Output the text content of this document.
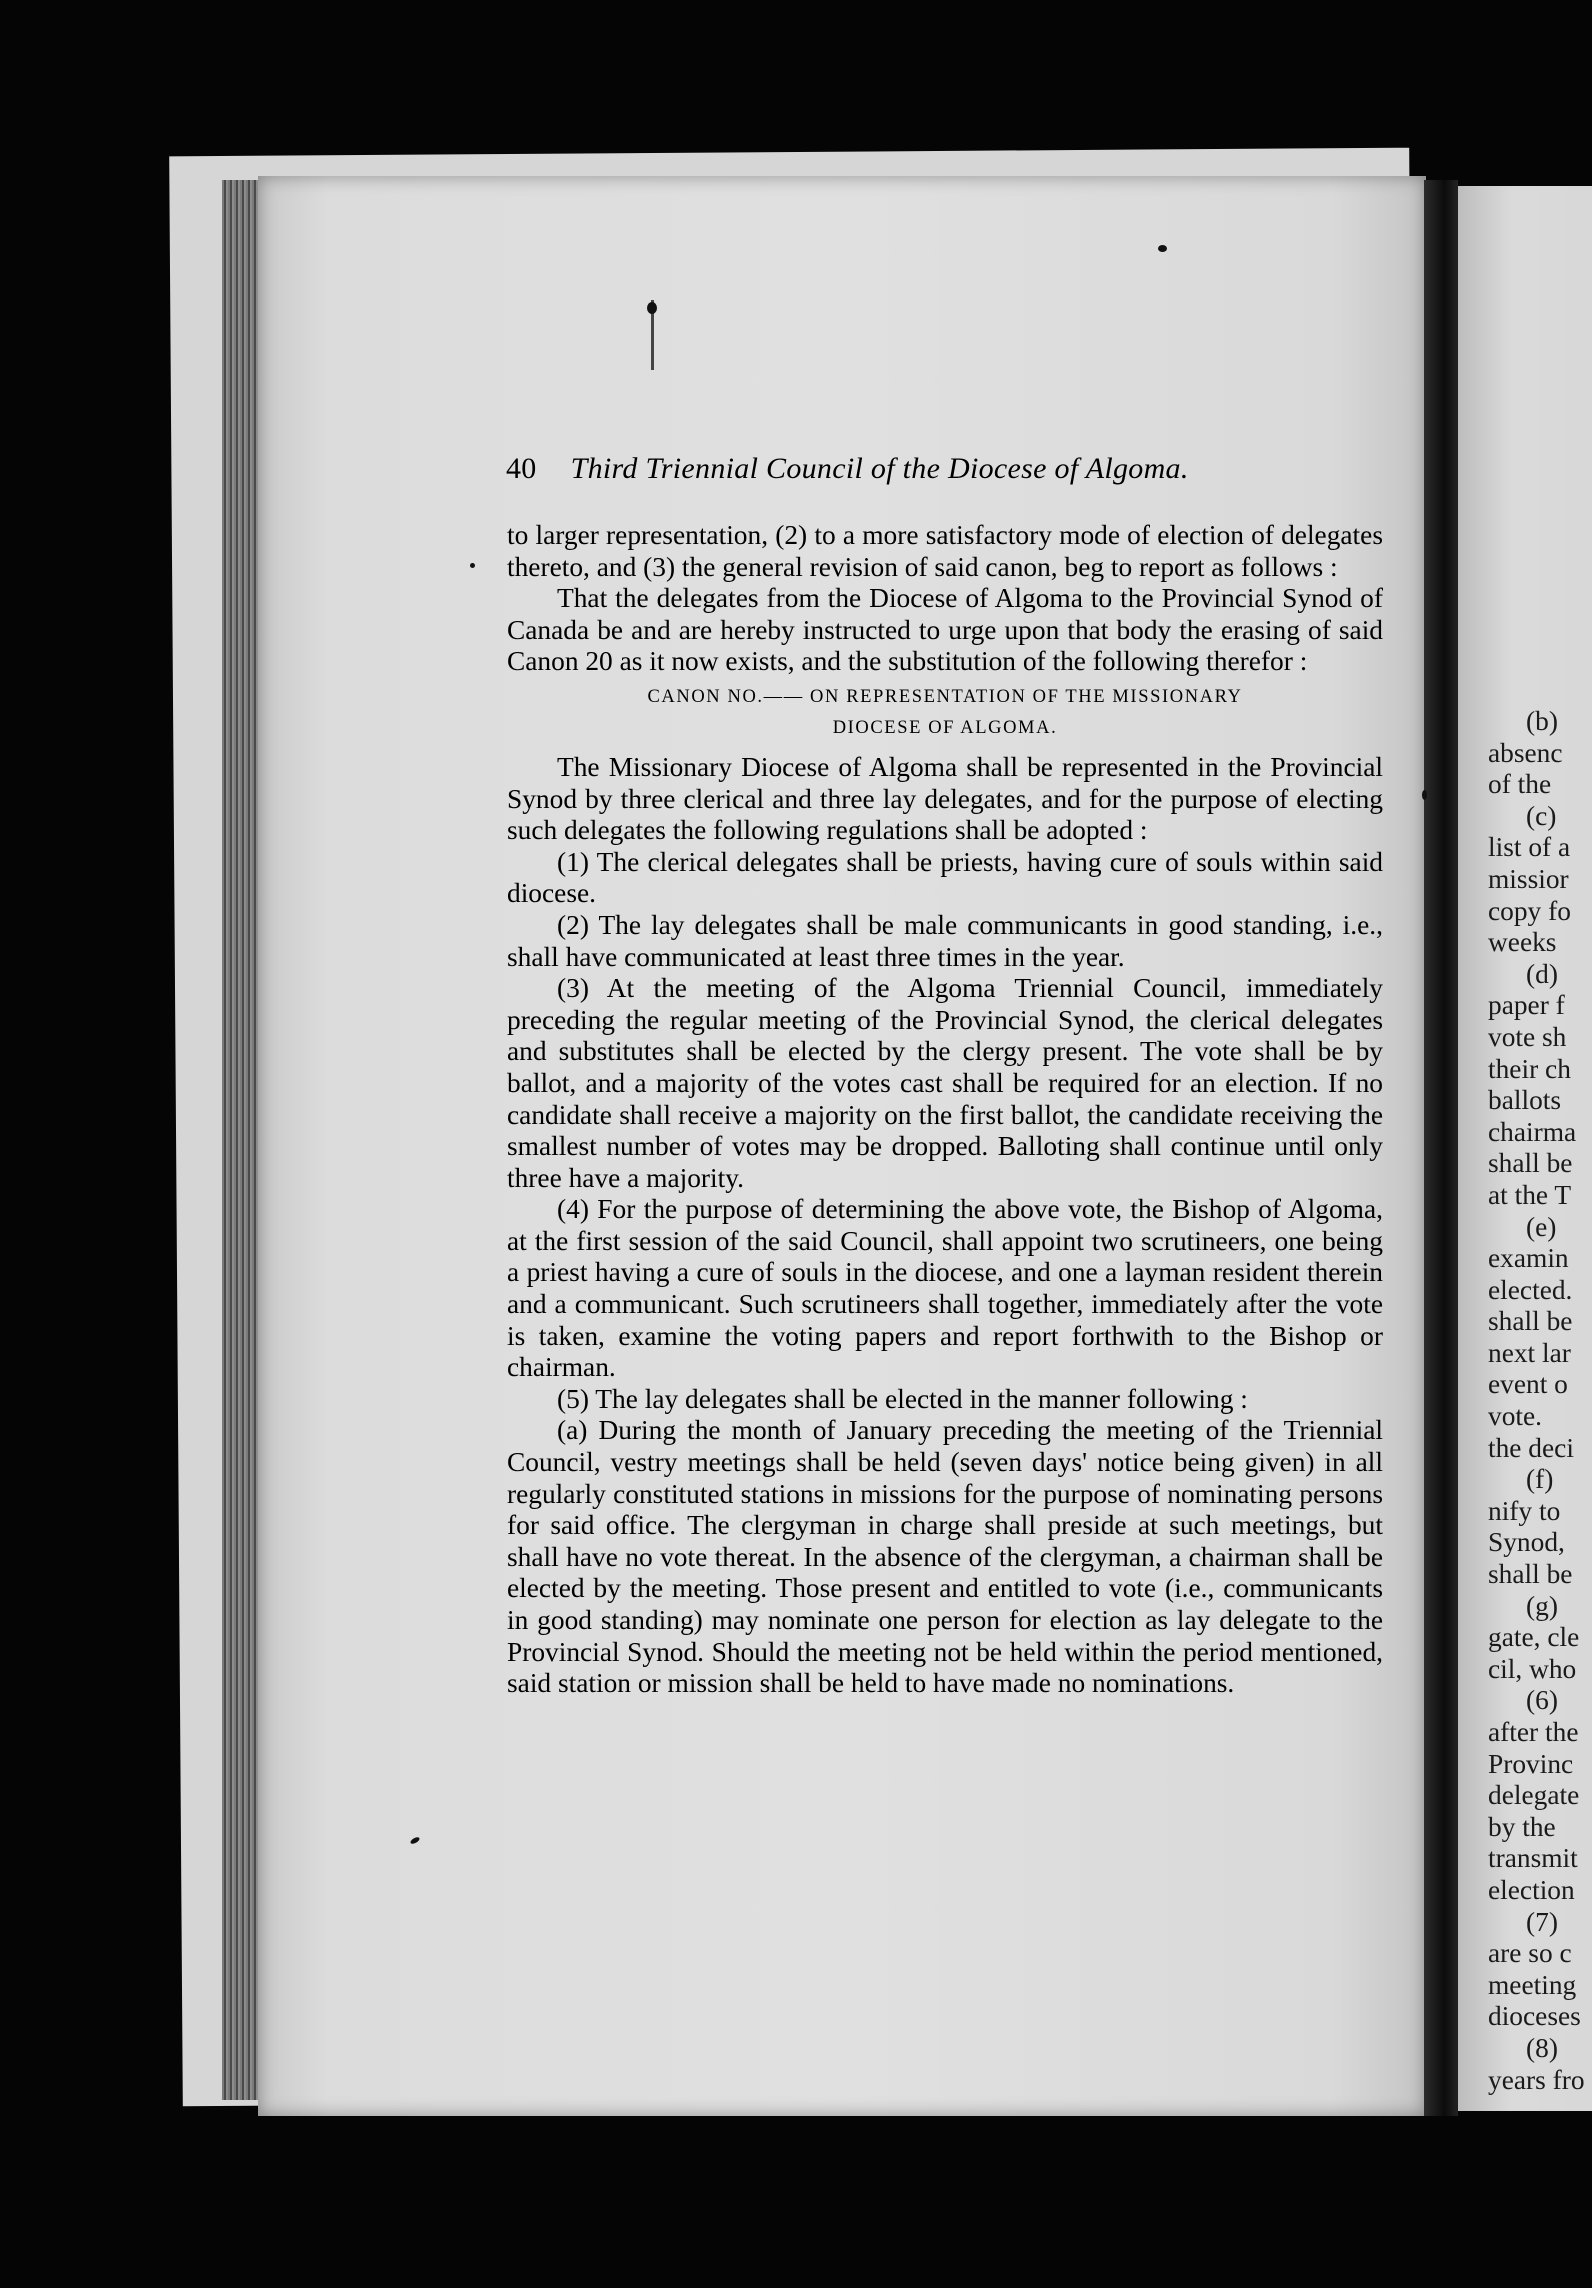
40 Third Triennial Council of the Diocese of Algoma.

to larger representation, (2) to a more satisfactory mode of election of delegates thereto, and (3) the general revision of said canon, beg to report as follows :

That the delegates from the Diocese of Algoma to the Provincial Synod of Canada be and are hereby instructed to urge upon that body the erasing of said Canon 20 as it now exists, and the substitution of the following therefor :

CANON NO.—— ON REPRESENTATION OF THE MISSIONARY
DIOCESE OF ALGOMA.

The Missionary Diocese of Algoma shall be represented in the Provincial Synod by three clerical and three lay delegates, and for the purpose of electing such delegates the following regulations shall be adopted :

(1) The clerical delegates shall be priests, having cure of souls within said diocese.

(2) The lay delegates shall be male communicants in good standing, i.e., shall have communicated at least three times in the year.

(3) At the meeting of the Algoma Triennial Council, immediately preceding the regular meeting of the Provincial Synod, the clerical delegates and substitutes shall be elected by the clergy present. The vote shall be by ballot, and a majority of the votes cast shall be required for an election. If no candidate shall receive a majority on the first ballot, the candidate receiving the smallest number of votes may be dropped. Balloting shall continue until only three have a majority.

(4) For the purpose of determining the above vote, the Bishop of Algoma, at the first session of the said Council, shall appoint two scrutineers, one being a priest having a cure of souls in the diocese, and one a layman resident therein and a communicant. Such scrutineers shall together, immediately after the vote is taken, examine the voting papers and report forthwith to the Bishop or chairman.

(5) The lay delegates shall be elected in the manner following :

(a) During the month of January preceding the meeting of the Triennial Council, vestry meetings shall be held (seven days' notice being given) in all regularly constituted stations in missions for the purpose of nominating persons for said office. The clergyman in charge shall preside at such meetings, but shall have no vote thereat. In the absence of the clergyman, a chairman shall be elected by the meeting. Those present and entitled to vote (i.e., communicants in good standing) may nominate one person for election as lay delegate to the Provincial Synod. Should the meeting not be held within the period mentioned, said station or mission shall be held to have made no nominations.

(b)
absenc
of the
(c)
list of a
missior
copy fo
weeks
(d)
paper f
vote sh
their ch
ballots
chairma
shall be
at the T
(e)
examin
elected.
shall be
next lar
event o
vote.
the deci
(f)
nify to
Synod,
shall be
(g)
gate, cle
cil, who
(6)
after the
Provinc
delegate
by the
transmit
election
(7)
are so c
meeting
dioceses
(8)
years fro
